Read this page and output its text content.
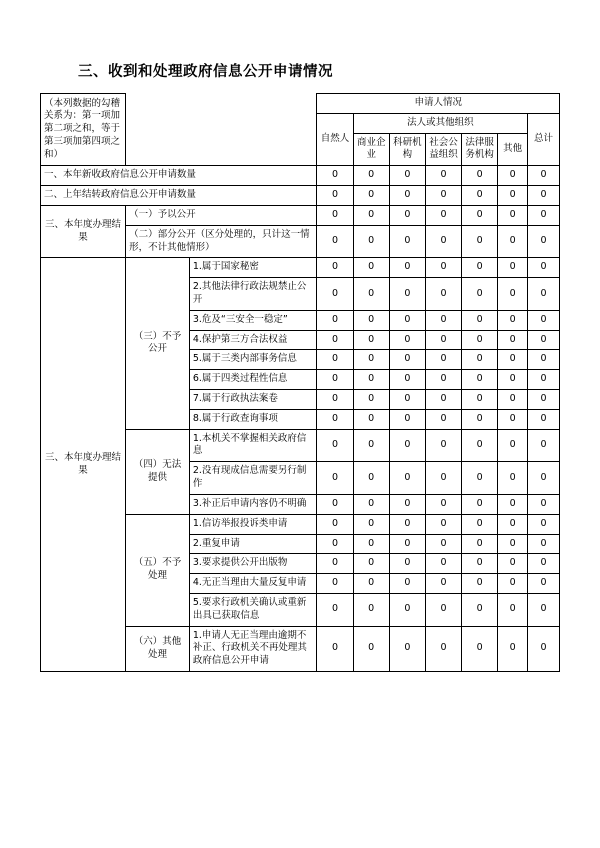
三、收到和处理政府信息公开申请情况
（本列数据的勾稽关系为：第一项加第二项之和，等于第三项加第四项之和）			申请人情况						
			自然人	法人或其他组织					总计
				商业企业	科研机构	社会公益组织	法律服务机构	其他	
一、本年新收政府信息公开申请数量			0	0	0	0	0	0	0
二、上年结转政府信息公开申请数量			0	0	0	0	0	0	0
三、本年度办理结果	（一）予以公开		0	0	0	0	0	0	0
	（二）部分公开（区分处理的，只计这一情形，不计其他情形）		0	0	0	0	0	0	0
三、本年度办理结果	（三）不予公开	1.属于国家秘密	0	0	0	0	0	0	0
		2.其他法律行政法规禁止公开	0	0	0	0	0	0	0
		3.危及“三安全一稳定”	0	0	0	0	0	0	0
		4.保护第三方合法权益	0	0	0	0	0	0	0
		5.属于三类内部事务信息	0	0	0	0	0	0	0
		6.属于四类过程性信息	0	0	0	0	0	0	0
		7.属于行政执法案卷	0	0	0	0	0	0	0
		8.属于行政查询事项	0	0	0	0	0	0	0
	（四）无法提供	1.本机关不掌握相关政府信息	0	0	0	0	0	0	0
		2.没有现成信息需要另行制作	0	0	0	0	0	0	0
		3.补正后申请内容仍不明确	0	0	0	0	0	0	0
	（五）不予处理	1.信访举报投诉类申请	0	0	0	0	0	0	0
		2.重复申请	0	0	0	0	0	0	0
		3.要求提供公开出版物	0	0	0	0	0	0	0
		4.无正当理由大量反复申请	0	0	0	0	0	0	0
		5.要求行政机关确认或重新出具已获取信息	0	0	0	0	0	0	0
	（六）其他处理	1.申请人无正当理由逾期不补正、行政机关不再处理其政府信息公开申请	0	0	0	0	0	0	0
